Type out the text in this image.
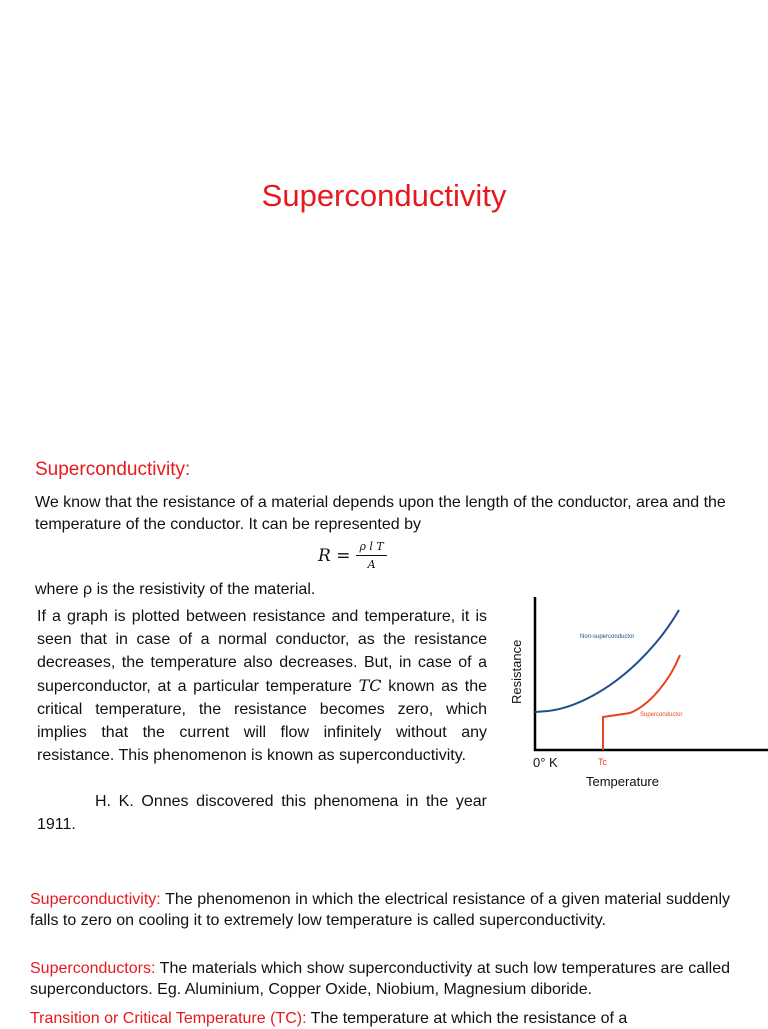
Superconductivity
Superconductivity:
We know that the resistance of a material depends upon the length of the conductor, area and the temperature of the conductor. It can be represented by
$R = \frac{\text{ρ l T}}{A}$
where ρ is the resistivity of the material.
If a graph is plotted between resistance and temperature, it is seen that in case of a normal conductor, as the resistance decreases, the temperature also decreases. But, in case of a superconductor, at a particular temperature TC known as the critical temperature, the resistance becomes zero, which implies that the current will flow infinitely without any resistance. This phenomenon is known as superconductivity.
H. K. Onnes discovered this phenomena in the year 1911.
Resistance
Temperature
0° K	Tc
Non-superconductor
Superconductor
Superconductivity: The phenomenon in which the electrical resistance of a given material suddenly falls to zero on cooling it to extremely low temperature is called superconductivity.
Superconductors: The materials which show superconductivity at such low temperatures are called superconductors. Eg. Aluminium, Copper Oxide, Niobium, Magnesium diboride.
Transition or Critical Temperature (TC): The temperature at which the resistance of a
